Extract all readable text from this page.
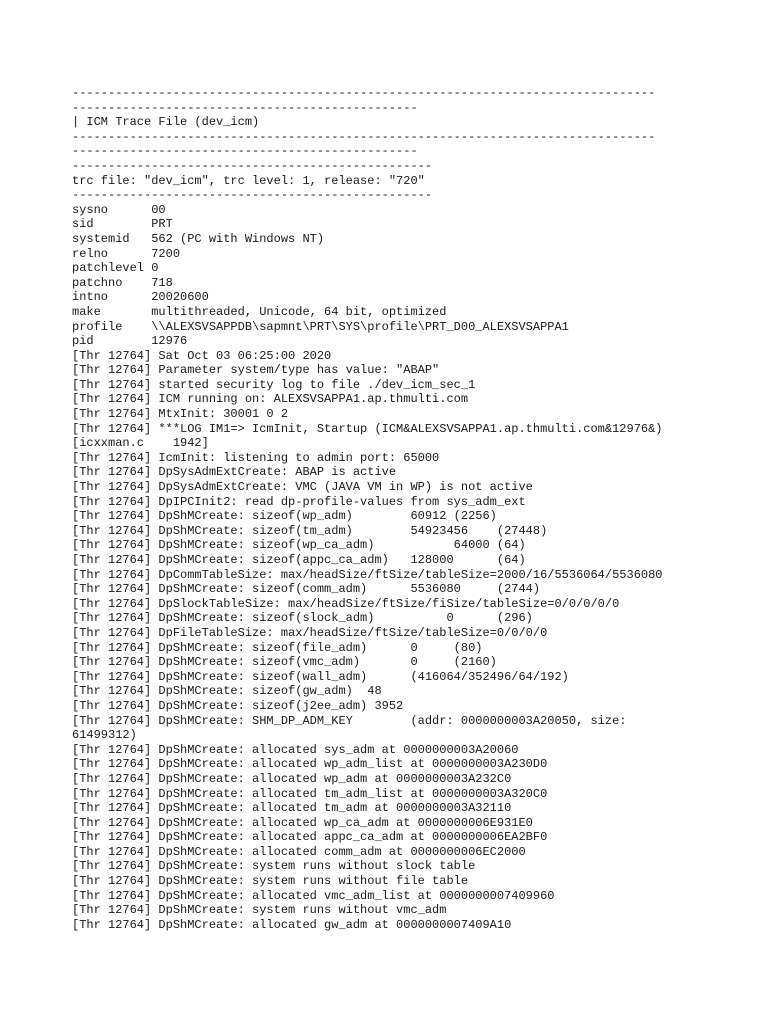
---------------------------------------------------------------------------------
------------------------------------------------
| ICM Trace File (dev_icm)
---------------------------------------------------------------------------------
------------------------------------------------
--------------------------------------------------
trc file: "dev_icm", trc level: 1, release: "720"
--------------------------------------------------
sysno      00
sid        PRT
systemid   562 (PC with Windows NT)
relno      7200
patchlevel 0
patchno    718
intno      20020600
make       multithreaded, Unicode, 64 bit, optimized
profile    \\ALEXSVSAPPDB\sapmnt\PRT\SYS\profile\PRT_D00_ALEXSVSAPPA1
pid        12976
[Thr 12764] Sat Oct 03 06:25:00 2020
[Thr 12764] Parameter system/type has value: "ABAP"
[Thr 12764] started security log to file ./dev_icm_sec_1
[Thr 12764] ICM running on: ALEXSVSAPPA1.ap.thmulti.com
[Thr 12764] MtxInit: 30001 0 2
[Thr 12764] ***LOG IM1=> IcmInit, Startup (ICM&ALEXSVSAPPA1.ap.thmulti.com&12976&)
[icxxman.c    1942]
[Thr 12764] IcmInit: listening to admin port: 65000
[Thr 12764] DpSysAdmExtCreate: ABAP is active
[Thr 12764] DpSysAdmExtCreate: VMC (JAVA VM in WP) is not active
[Thr 12764] DpIPCInit2: read dp-profile-values from sys_adm_ext
[Thr 12764] DpShMCreate: sizeof(wp_adm)        60912 (2256)
[Thr 12764] DpShMCreate: sizeof(tm_adm)        54923456    (27448)
[Thr 12764] DpShMCreate: sizeof(wp_ca_adm)           64000 (64)
[Thr 12764] DpShMCreate: sizeof(appc_ca_adm)   128000      (64)
[Thr 12764] DpCommTableSize: max/headSize/ftSize/tableSize=2000/16/5536064/5536080
[Thr 12764] DpShMCreate: sizeof(comm_adm)      5536080     (2744)
[Thr 12764] DpSlockTableSize: max/headSize/ftSize/fiSize/tableSize=0/0/0/0/0
[Thr 12764] DpShMCreate: sizeof(slock_adm)          0      (296)
[Thr 12764] DpFileTableSize: max/headSize/ftSize/tableSize=0/0/0/0
[Thr 12764] DpShMCreate: sizeof(file_adm)      0     (80)
[Thr 12764] DpShMCreate: sizeof(vmc_adm)       0     (2160)
[Thr 12764] DpShMCreate: sizeof(wall_adm)      (416064/352496/64/192)
[Thr 12764] DpShMCreate: sizeof(gw_adm)  48
[Thr 12764] DpShMCreate: sizeof(j2ee_adm) 3952
[Thr 12764] DpShMCreate: SHM_DP_ADM_KEY        (addr: 0000000003A20050, size:
61499312)
[Thr 12764] DpShMCreate: allocated sys_adm at 0000000003A20060
[Thr 12764] DpShMCreate: allocated wp_adm_list at 0000000003A230D0
[Thr 12764] DpShMCreate: allocated wp_adm at 0000000003A232C0
[Thr 12764] DpShMCreate: allocated tm_adm_list at 0000000003A320C0
[Thr 12764] DpShMCreate: allocated tm_adm at 0000000003A32110
[Thr 12764] DpShMCreate: allocated wp_ca_adm at 0000000006E931E0
[Thr 12764] DpShMCreate: allocated appc_ca_adm at 0000000006EA2BF0
[Thr 12764] DpShMCreate: allocated comm_adm at 0000000006EC2000
[Thr 12764] DpShMCreate: system runs without slock table
[Thr 12764] DpShMCreate: system runs without file table
[Thr 12764] DpShMCreate: allocated vmc_adm_list at 0000000007409960
[Thr 12764] DpShMCreate: system runs without vmc_adm
[Thr 12764] DpShMCreate: allocated gw_adm at 0000000007409A10
